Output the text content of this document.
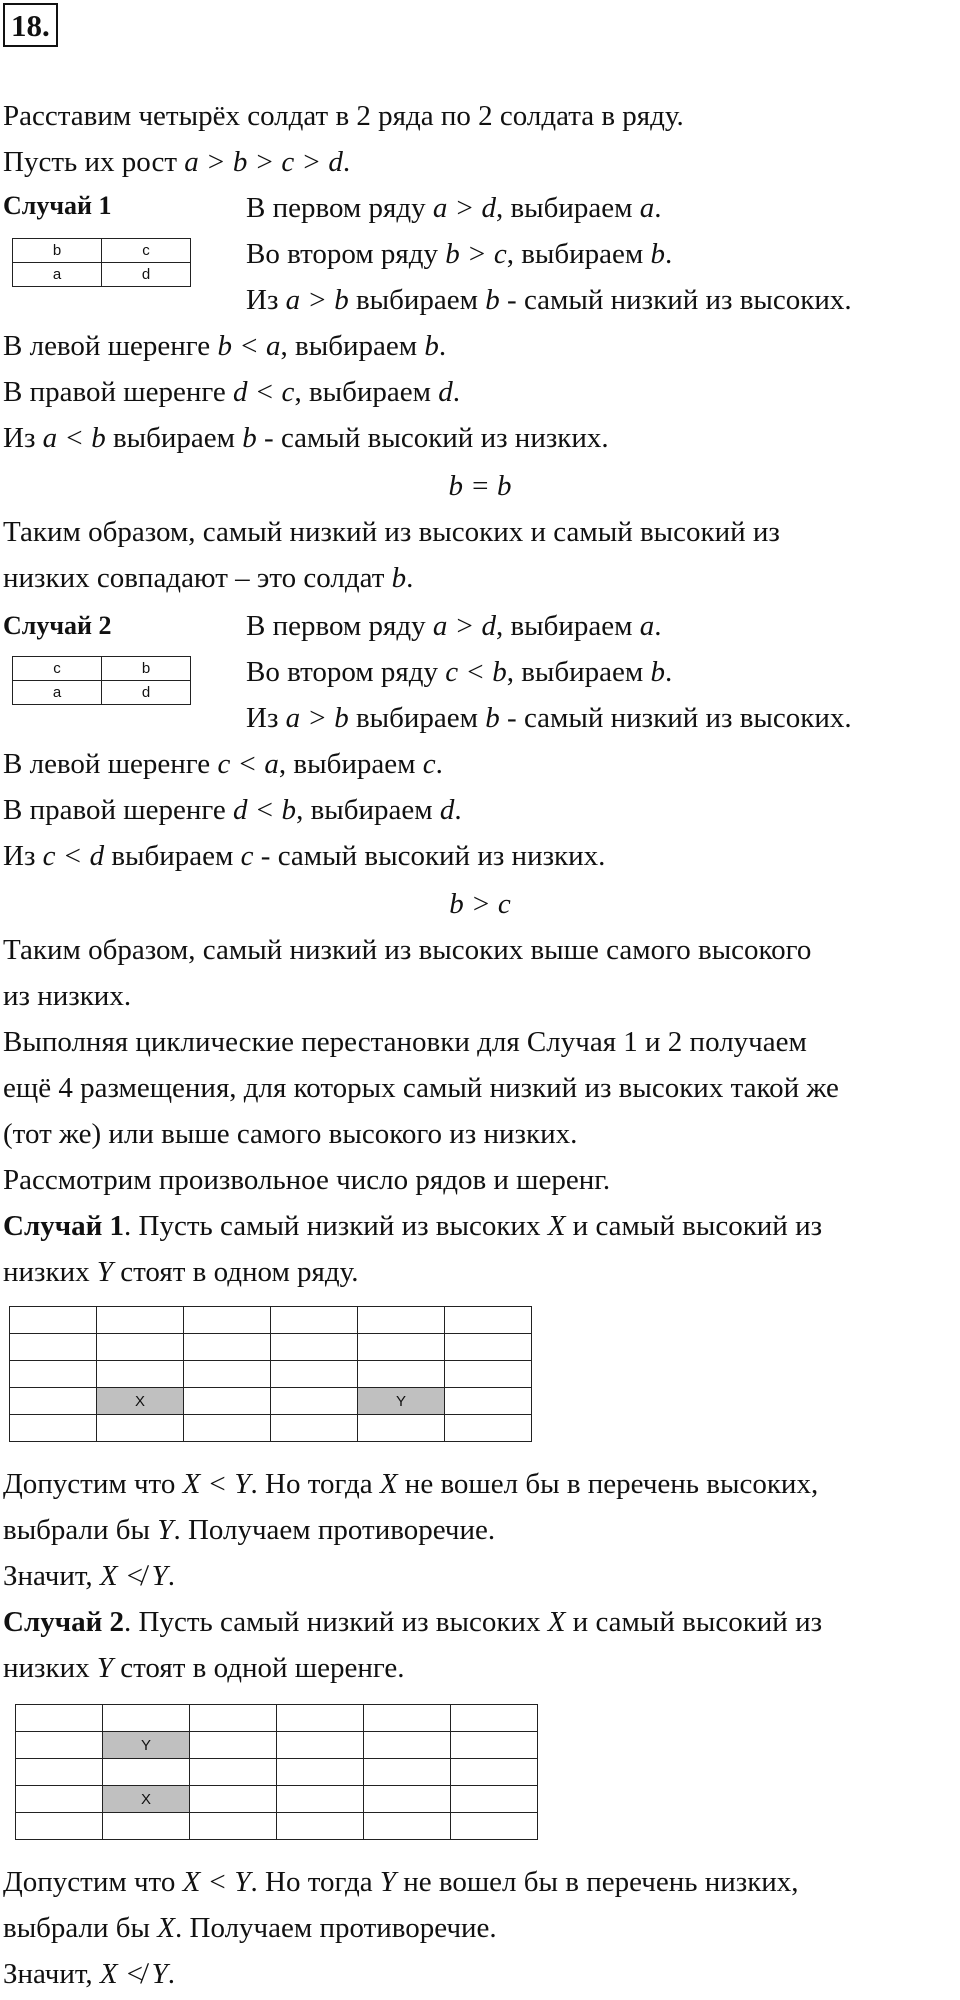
18.
Расставим четырёх солдат в 2 ряда по 2 солдата в ряду.
Пусть их рост a > b > c > d.
Случай 1
b	c
a	d
В первом ряду a > d, выбираем a.
Во втором ряду b > c, выбираем b.
Из a > b выбираем b - самый низкий из высоких.
В левой шеренге b < a, выбираем b.
В правой шеренге d < c, выбираем d.
Из a < b выбираем b - самый высокий из низких.
b = b
Таким образом, самый низкий из высоких и самый высокий из
низких совпадают – это солдат b.
Случай 2
c	b
a	d
В первом ряду a > d, выбираем a.
Во втором ряду c < b, выбираем b.
Из a > b выбираем b - самый низкий из высоких.
В левой шеренге c < a, выбираем c.
В правой шеренге d < b, выбираем d.
Из c < d выбираем c - самый высокий из низких.
b > c
Таким образом, самый низкий из высоких выше самого высокого
из низких.
Выполняя циклические перестановки для Случая 1 и 2 получаем
ещё 4 размещения, для которых самый низкий из высоких такой же
(тот же) или выше самого высокого из низких.
Рассмотрим произвольное число рядов и шеренг.
Случай 1. Пусть самый низкий из высоких X и самый высокий из
низких Y стоят в одном ряду.

	X			Y	

Допустим что X < Y. Но тогда X не вошел бы в перечень высоких,
выбрали бы Y. Получаем противоречие.
Значит, X ≮ Y.
Случай 2. Пусть самый низкий из высоких X и самый высокий из
низких Y стоят в одной шеренге.

	Y				

	X				

Допустим что X < Y. Но тогда Y не вошел бы в перечень низких,
выбрали бы X. Получаем противоречие.
Значит, X ≮ Y.
